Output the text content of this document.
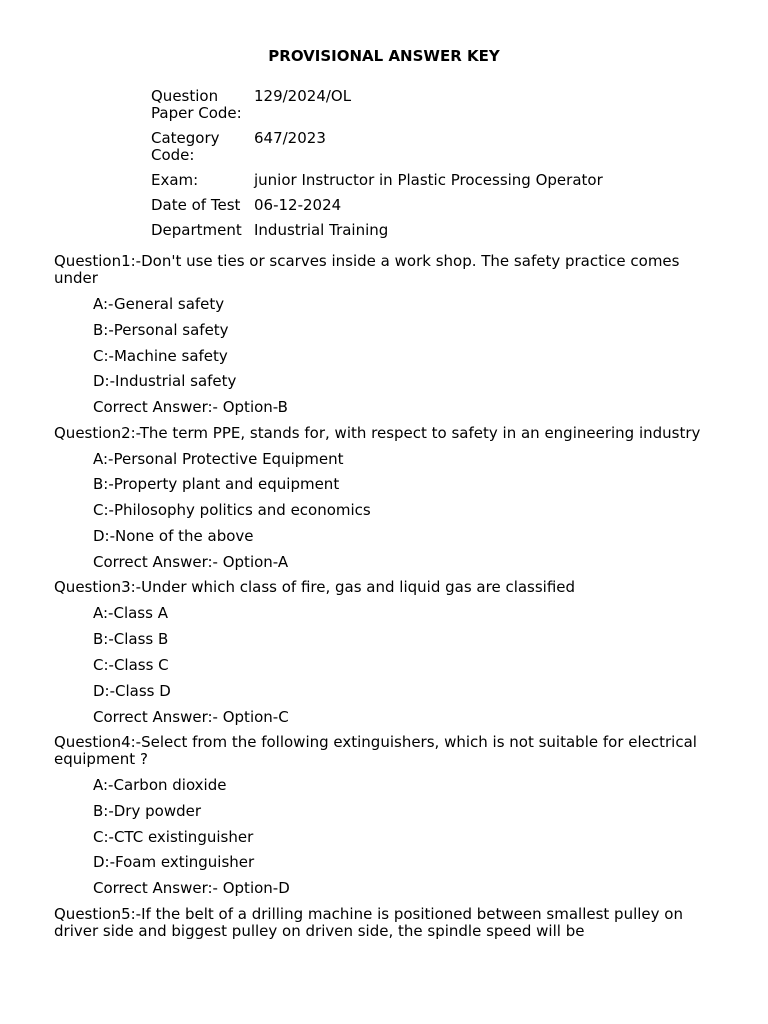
PROVISIONAL ANSWER KEY
Question Paper Code:
129/2024/OL
Category Code:
647/2023
Exam:	junior Instructor in Plastic Processing Operator
Date of Test 06-12-2024
Department Industrial Training
Question1:-Don't use ties or scarves inside a work shop. The safety practice comes under
A:-General safety
B:-Personal safety
C:-Machine safety
D:-Industrial safety
Correct Answer:- Option-B
Question2:-The term PPE, stands for, with respect to safety in an engineering industry
A:-Personal Protective Equipment
B:-Property plant and equipment
C:-Philosophy politics and economics
D:-None of the above
Correct Answer:- Option-A
Question3:-Under which class of fire, gas and liquid gas are classified
A:-Class A
B:-Class B
C:-Class C
D:-Class D
Correct Answer:- Option-C
Question4:-Select from the following extinguishers, which is not suitable for electrical equipment ?
A:-Carbon dioxide
B:-Dry powder
C:-CTC existinguisher
D:-Foam extinguisher
Correct Answer:- Option-D
Question5:-If the belt of a drilling machine is positioned between smallest pulley on driver side and biggest pulley on driven side, the spindle speed will be
